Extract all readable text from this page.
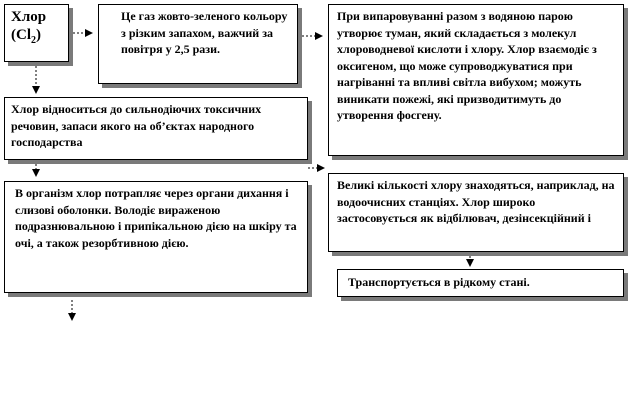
Хлор
$(Cl_2)$
Це газ жовто-зеленого кольору з різким запахом, важчий за повітря у 2,5 рази.
При випаровуванні разом з водяною парою утворює туман, який складається з молекул хлороводневої кислоти і хлору. Хлор взаємодіє з оксигеном, що може супроводжуватися при нагріванні та впливі світла вибухом; можуть виникати пожежі, які призводитимуть до утворення фосгену.
Хлор відноситься до сильнодіючих токсичних речовин, запаси якого на об’єктах народного господарства
В організм хлор потрапляє через органи дихання і слизові оболонки. Володіє вираженою подразнювальною і припікальною дією на шкіру та очі, а також резорбтивною дією.
Великі кількості хлору знаходяться, наприклад, на водоочисних станціях. Хлор широко застосовується як відбілювач, дезінсекційний і
Транспортується в рідкому стані.
